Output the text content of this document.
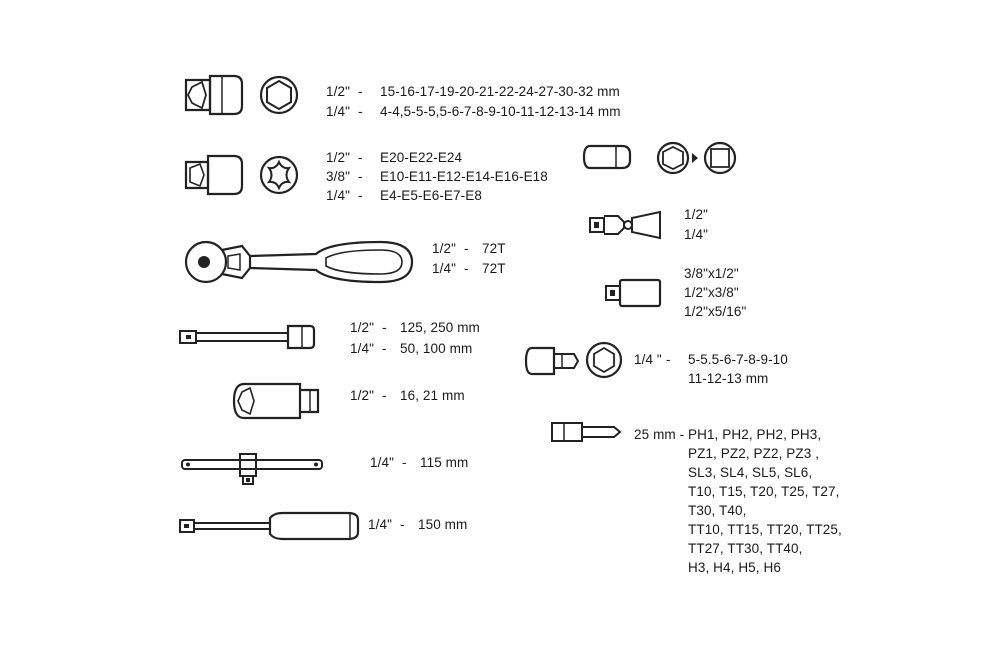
1/2" - 15-16-17-19-20-21-22-24-27-30-32 mm
1/4" - 4-4,5-5-5,5-6-7-8-9-10-11-12-13-14 mm
1/2" - E20-E22-E24
3/8" - E10-E11-E12-E14-E16-E18
1/4" - E4-E5-E6-E7-E8
1/2" - 72T
1/4" - 72T
1/2" - 125, 250 mm
1/4" - 50, 100 mm
1/2" - 16, 21 mm
1/4" - 115 mm
1/4" - 150 mm
1/2"
1/4"
3/8"x1/2"
1/2"x3/8"
1/2"x5/16"
1/4 " - 5-5.5-6-7-8-9-10
11-12-13 mm
25 mm - PH1, PH2, PH2, PH3,
PZ1, PZ2, PZ2, PZ3 ,
SL3, SL4, SL5, SL6,
T10, T15, T20, T25, T27,
T30, T40,
TT10, TT15, TT20, TT25,
TT27, TT30, TT40,
H3, H4, H5, H6
